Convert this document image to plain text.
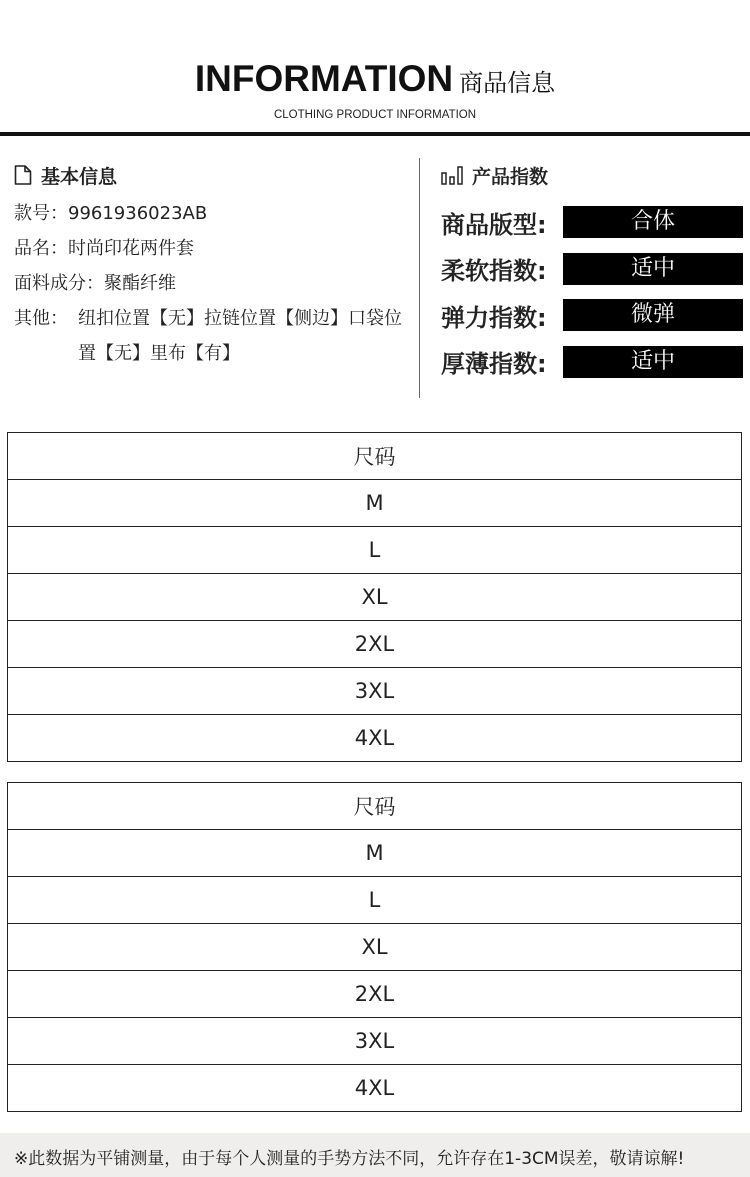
INFORMATION 商品信息
CLOTHING PRODUCT INFORMATION
基本信息
款号：9961936023AB
品名：时尚印花两件套
面料成分：聚酯纤维
其他： 纽扣位置【无】拉链位置【侧边】口袋位置【无】里布【有】
产品指数
商品版型:	合体
柔软指数:	适中
弹力指数:	微弹
厚薄指数:	适中
尺码
M
L
XL
2XL
3XL
4XL
尺码
M
L
XL
2XL
3XL
4XL
※此数据为平铺测量，由于每个人测量的手势方法不同，允许存在1-3CM误差，敬请谅解!
